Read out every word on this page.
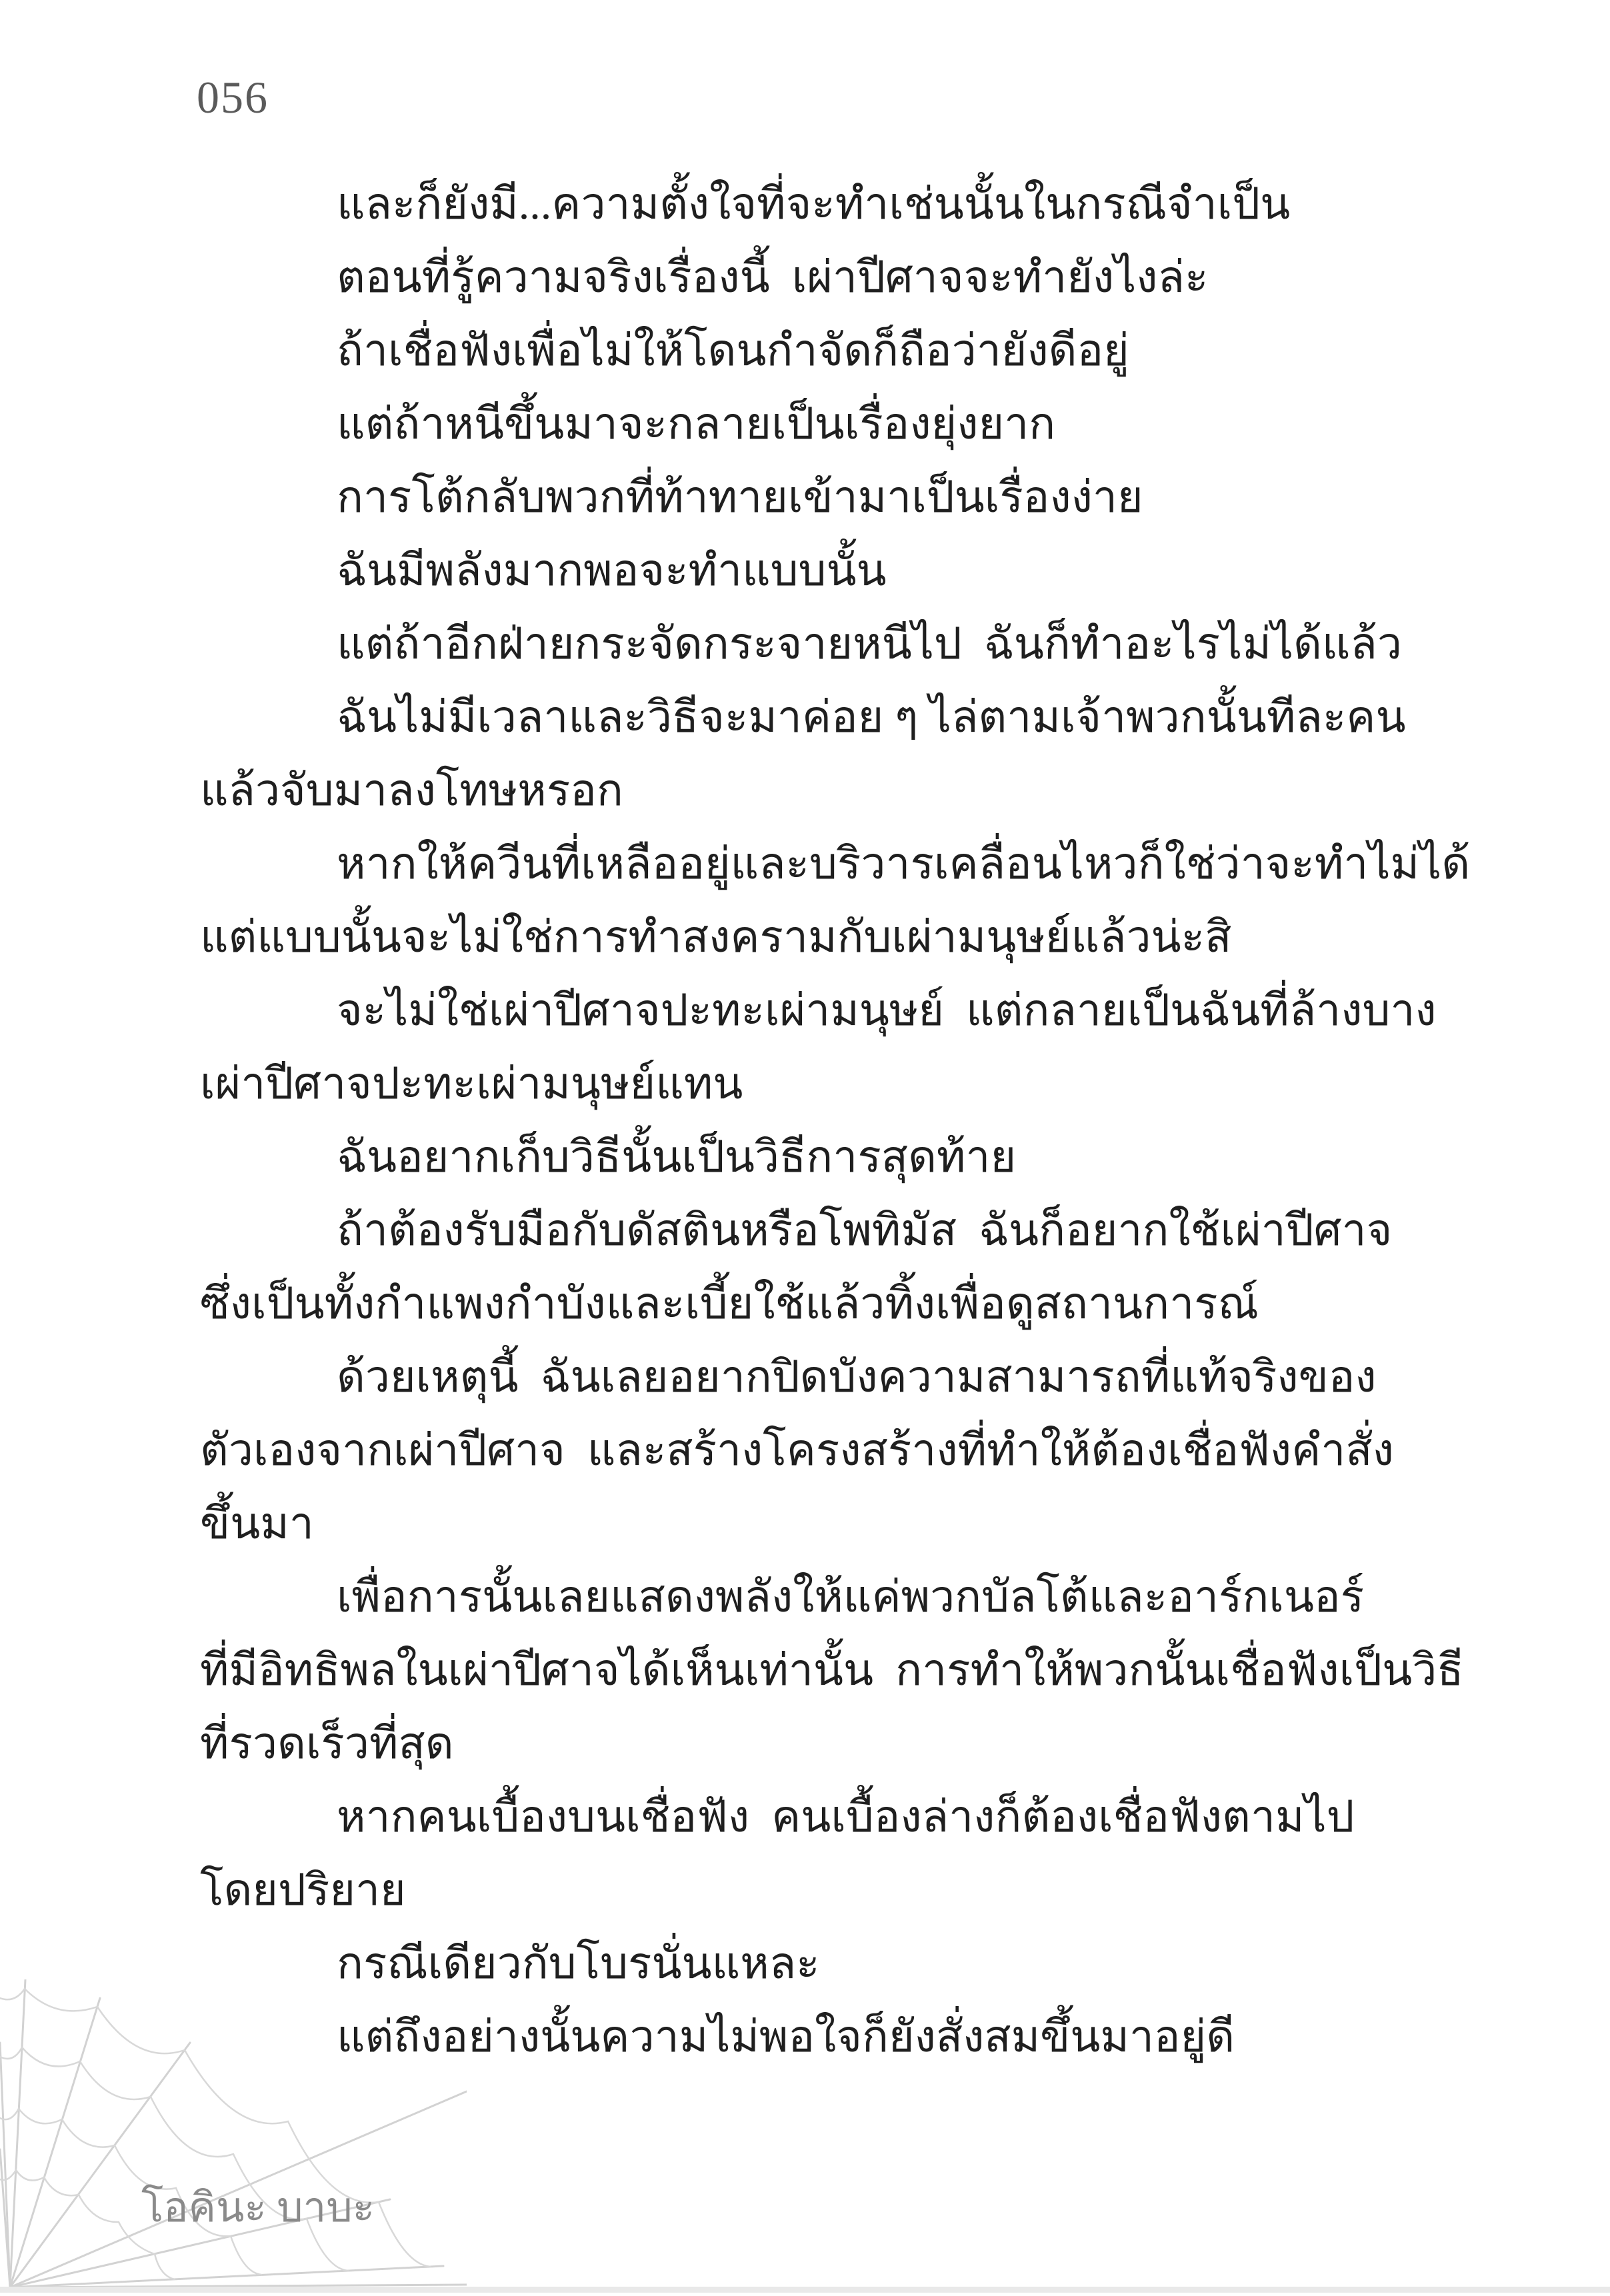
056
และก็ยังมี...ความตั้งใจที่จะทำเช่นนั้นในกรณีจำเป็น
ตอนที่รู้ความจริงเรื่องนี้  เผ่าปีศาจจะทำยังไงล่ะ
ถ้าเชื่อฟังเพื่อไม่ให้โดนกำจัดก็ถือว่ายังดีอยู่
แต่ถ้าหนีขึ้นมาจะกลายเป็นเรื่องยุ่งยาก
การโต้กลับพวกที่ท้าทายเข้ามาเป็นเรื่องง่าย
ฉันมีพลังมากพอจะทำแบบนั้น
แต่ถ้าอีกฝ่ายกระจัดกระจายหนีไป  ฉันก็ทำอะไรไม่ได้แล้ว
ฉันไม่มีเวลาและวิธีจะมาค่อย ๆ ไล่ตามเจ้าพวกนั้นทีละคน
แล้วจับมาลงโทษหรอก
หากให้ควีนที่เหลืออยู่และบริวารเคลื่อนไหวก็ใช่ว่าจะทำไม่ได้
แต่แบบนั้นจะไม่ใช่การทำสงครามกับเผ่ามนุษย์แล้วน่ะสิ
จะไม่ใช่เผ่าปีศาจปะทะเผ่ามนุษย์  แต่กลายเป็นฉันที่ล้างบาง
เผ่าปีศาจปะทะเผ่ามนุษย์แทน
ฉันอยากเก็บวิธีนั้นเป็นวิธีการสุดท้าย
ถ้าต้องรับมือกับดัสตินหรือโพทิมัส  ฉันก็อยากใช้เผ่าปีศาจ
ซึ่งเป็นทั้งกำแพงกำบังและเบี้ยใช้แล้วทิ้งเพื่อดูสถานการณ์
ด้วยเหตุนี้  ฉันเลยอยากปิดบังความสามารถที่แท้จริงของ
ตัวเองจากเผ่าปีศาจ  และสร้างโครงสร้างที่ทำให้ต้องเชื่อฟังคำสั่ง
ขึ้นมา
เพื่อการนั้นเลยแสดงพลังให้แค่พวกบัลโต้และอาร์กเนอร์
ที่มีอิทธิพลในเผ่าปีศาจได้เห็นเท่านั้น  การทำให้พวกนั้นเชื่อฟังเป็นวิธี
ที่รวดเร็วที่สุด
หากคนเบื้องบนเชื่อฟัง  คนเบื้องล่างก็ต้องเชื่อฟังตามไป
โดยปริยาย
กรณีเดียวกับโบรนั่นแหละ
แต่ถึงอย่างนั้นความไม่พอใจก็ยังสั่งสมขึ้นมาอยู่ดี
โอคินะ บาบะ
